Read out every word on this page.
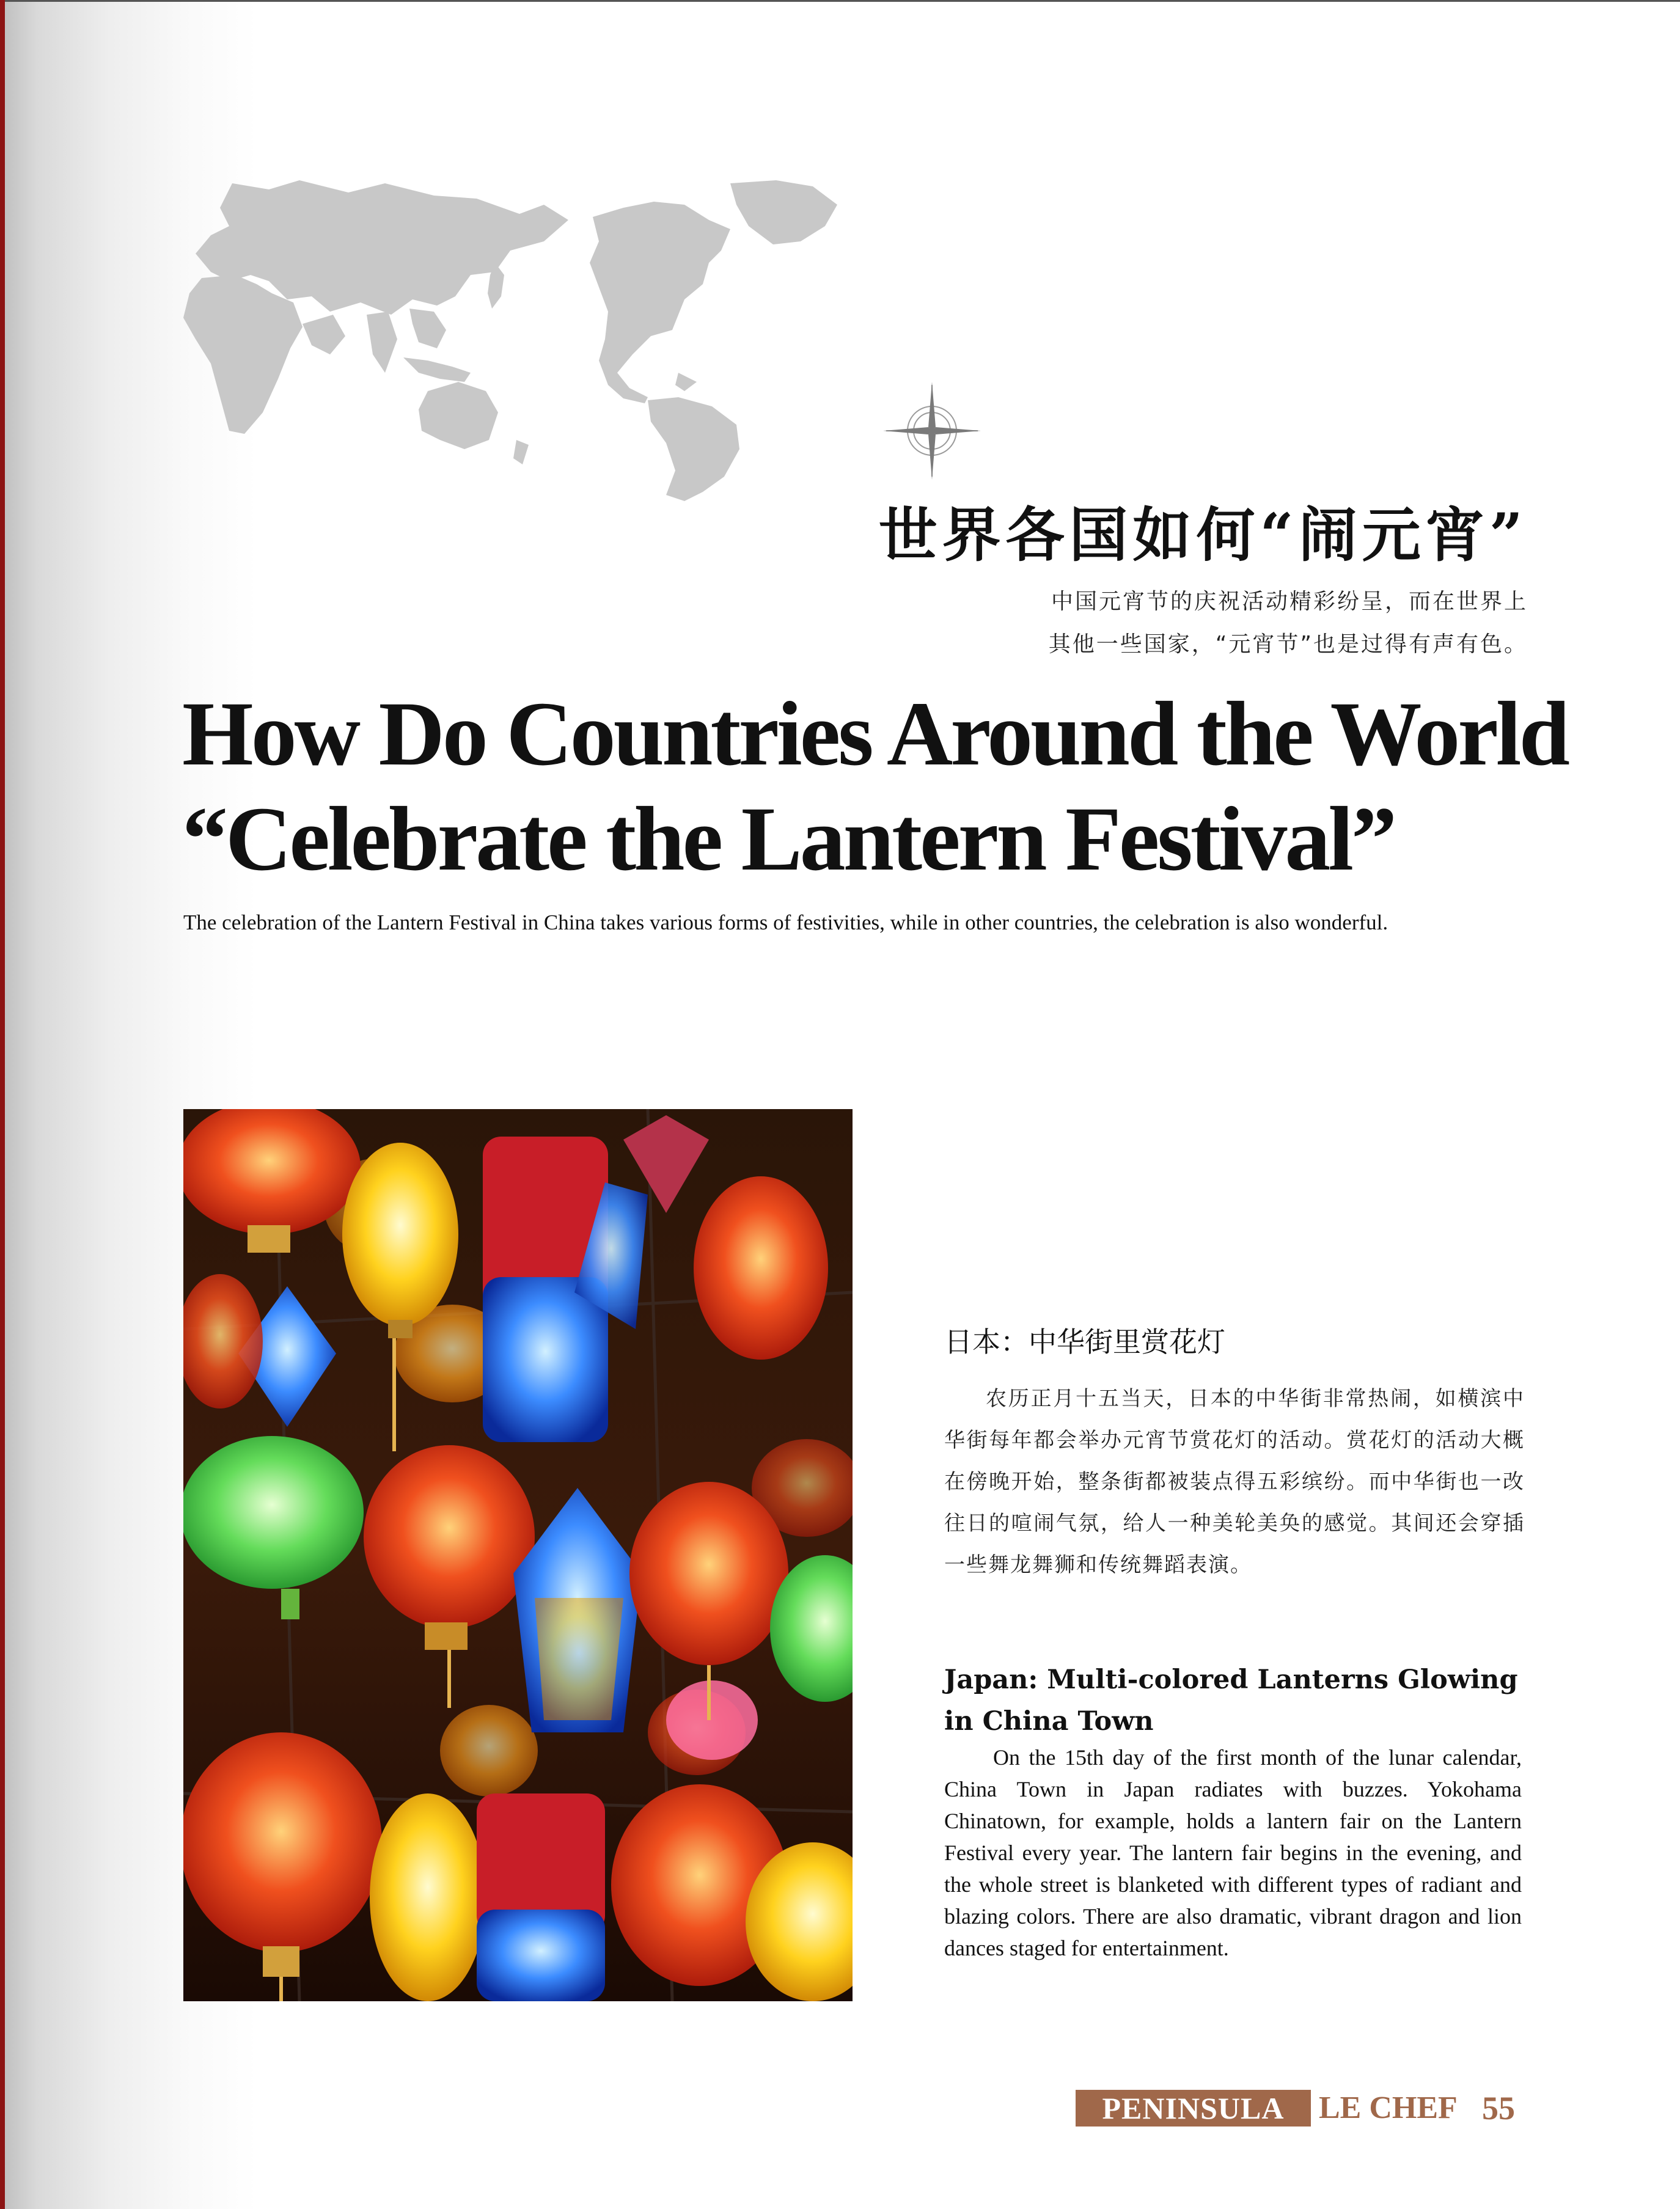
世界各国如何“闹元宵”
中国元宵节的庆祝活动精彩纷呈，而在世界上
其他一些国家，“元宵节”也是过得有声有色。
How Do Countries Around the World
“Celebrate the Lantern Festival”
The celebration of the Lantern Festival in China takes various forms of festivities, while in other countries, the celebration is also wonderful.
日本：中华街里赏花灯

农历正月十五当天，日本的中华街非常热闹，如横滨中华街每年都会举办元宵节赏花灯的活动。赏花灯的活动大概在傍晚开始，整条街都被装点得五彩缤纷。而中华街也一改往日的喧闹气氛，给人一种美轮美奂的感觉。其间还会穿插一些舞龙舞狮和传统舞蹈表演。

Japan: Multi-colored Lanterns Glowing in China Town

On the 15th day of the first month of the lunar calendar, China Town in Japan radiates with buzzes. Yokohama Chinatown, for example, holds a lantern fair on the Lantern Festival every year. The lantern fair begins in the evening, and the whole street is blanketed with different types of radiant and blazing colors. There are also dramatic, vibrant dragon and lion dances staged for entertainment.

PENINSULA	LE CHEF 55
